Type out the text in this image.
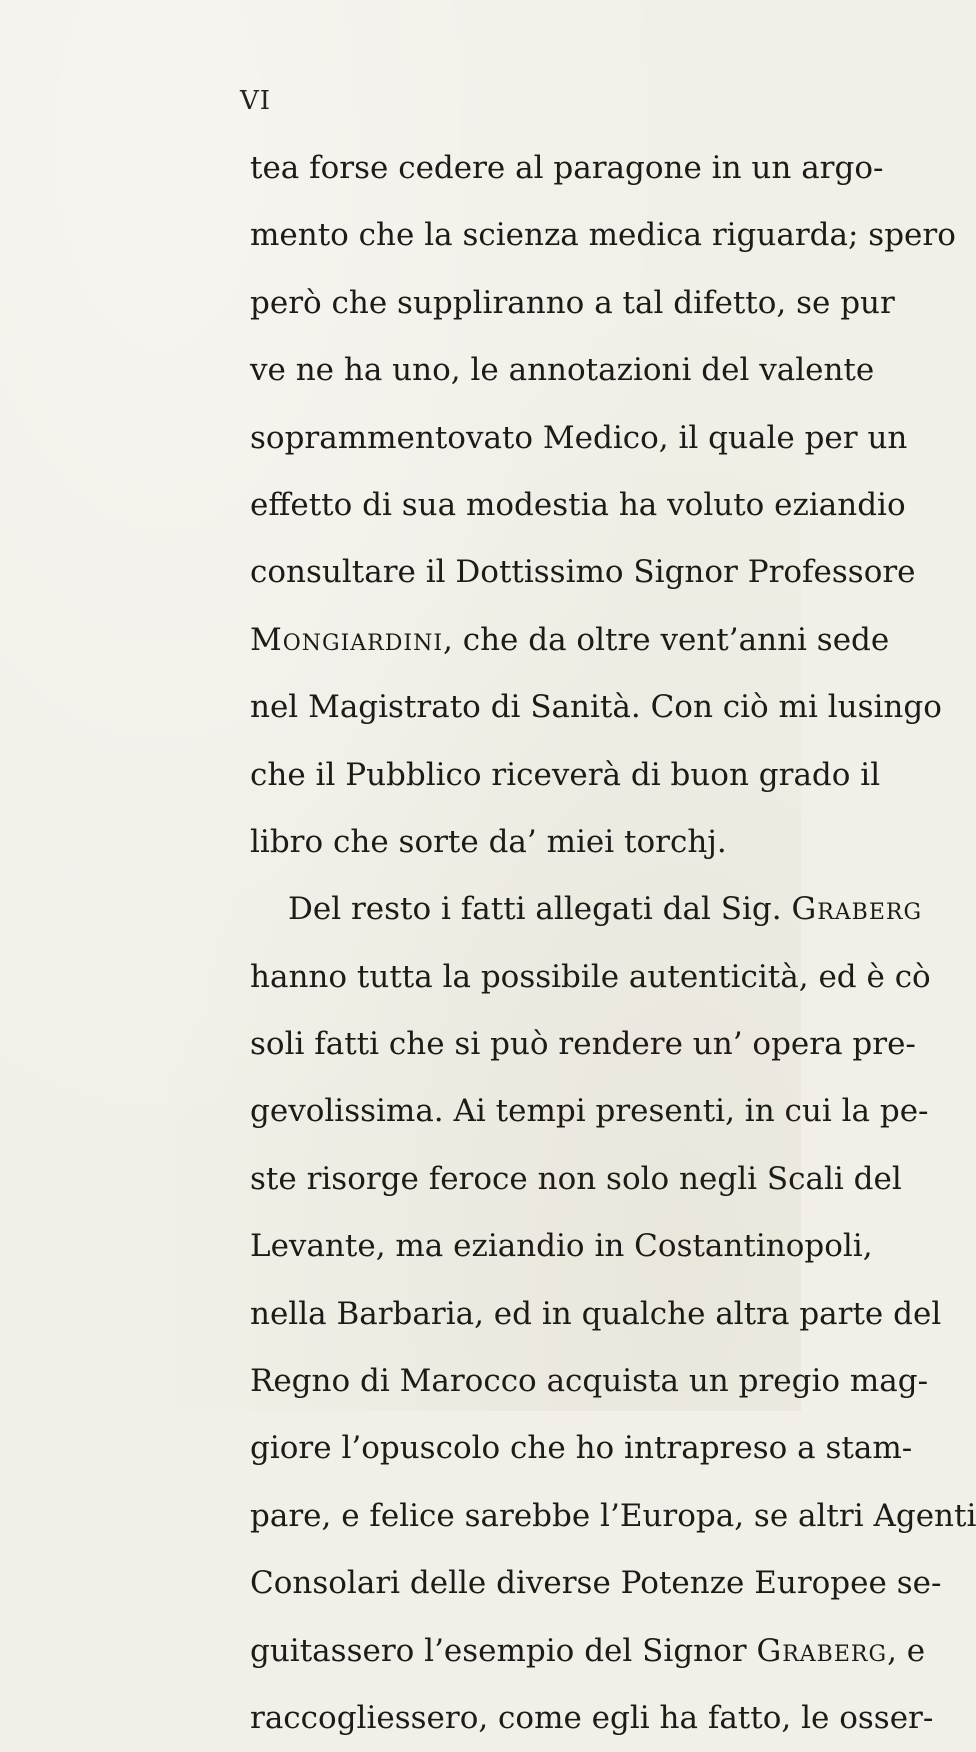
VI
tea forse cedere al paragone in un argo-
mento che la scienza medica riguarda; spero
però che suppliranno a tal difetto, se pur
ve ne ha uno, le annotazioni del valente
soprammentovato Medico, il quale per un
effetto di sua modestia ha voluto eziandio
consultare il Dottissimo Signor Professore
Mongiardini, che da oltre vent’anni sede
nel Magistrato di Sanità. Con ciò mi lusingo
che il Pubblico riceverà di buon grado il
libro che sorte da’ miei torchj.
Del resto i fatti allegati dal Sig. Graberg
hanno tutta la possibile autenticità, ed è cò
soli fatti che si può rendere un’ opera pre-
gevolissima. Ai tempi presenti, in cui la pe-
ste risorge feroce non solo negli Scali del
Levante, ma eziandio in Costantinopoli,
nella Barbaria, ed in qualche altra parte del
Regno di Marocco acquista un pregio mag-
giore l’opuscolo che ho intrapreso a stam-
pare, e felice sarebbe l’Europa, se altri Agenti
Consolari delle diverse Potenze Europee se-
guitassero l’esempio del Signor Graberg, e
raccogliessero, come egli ha fatto, le osser-
